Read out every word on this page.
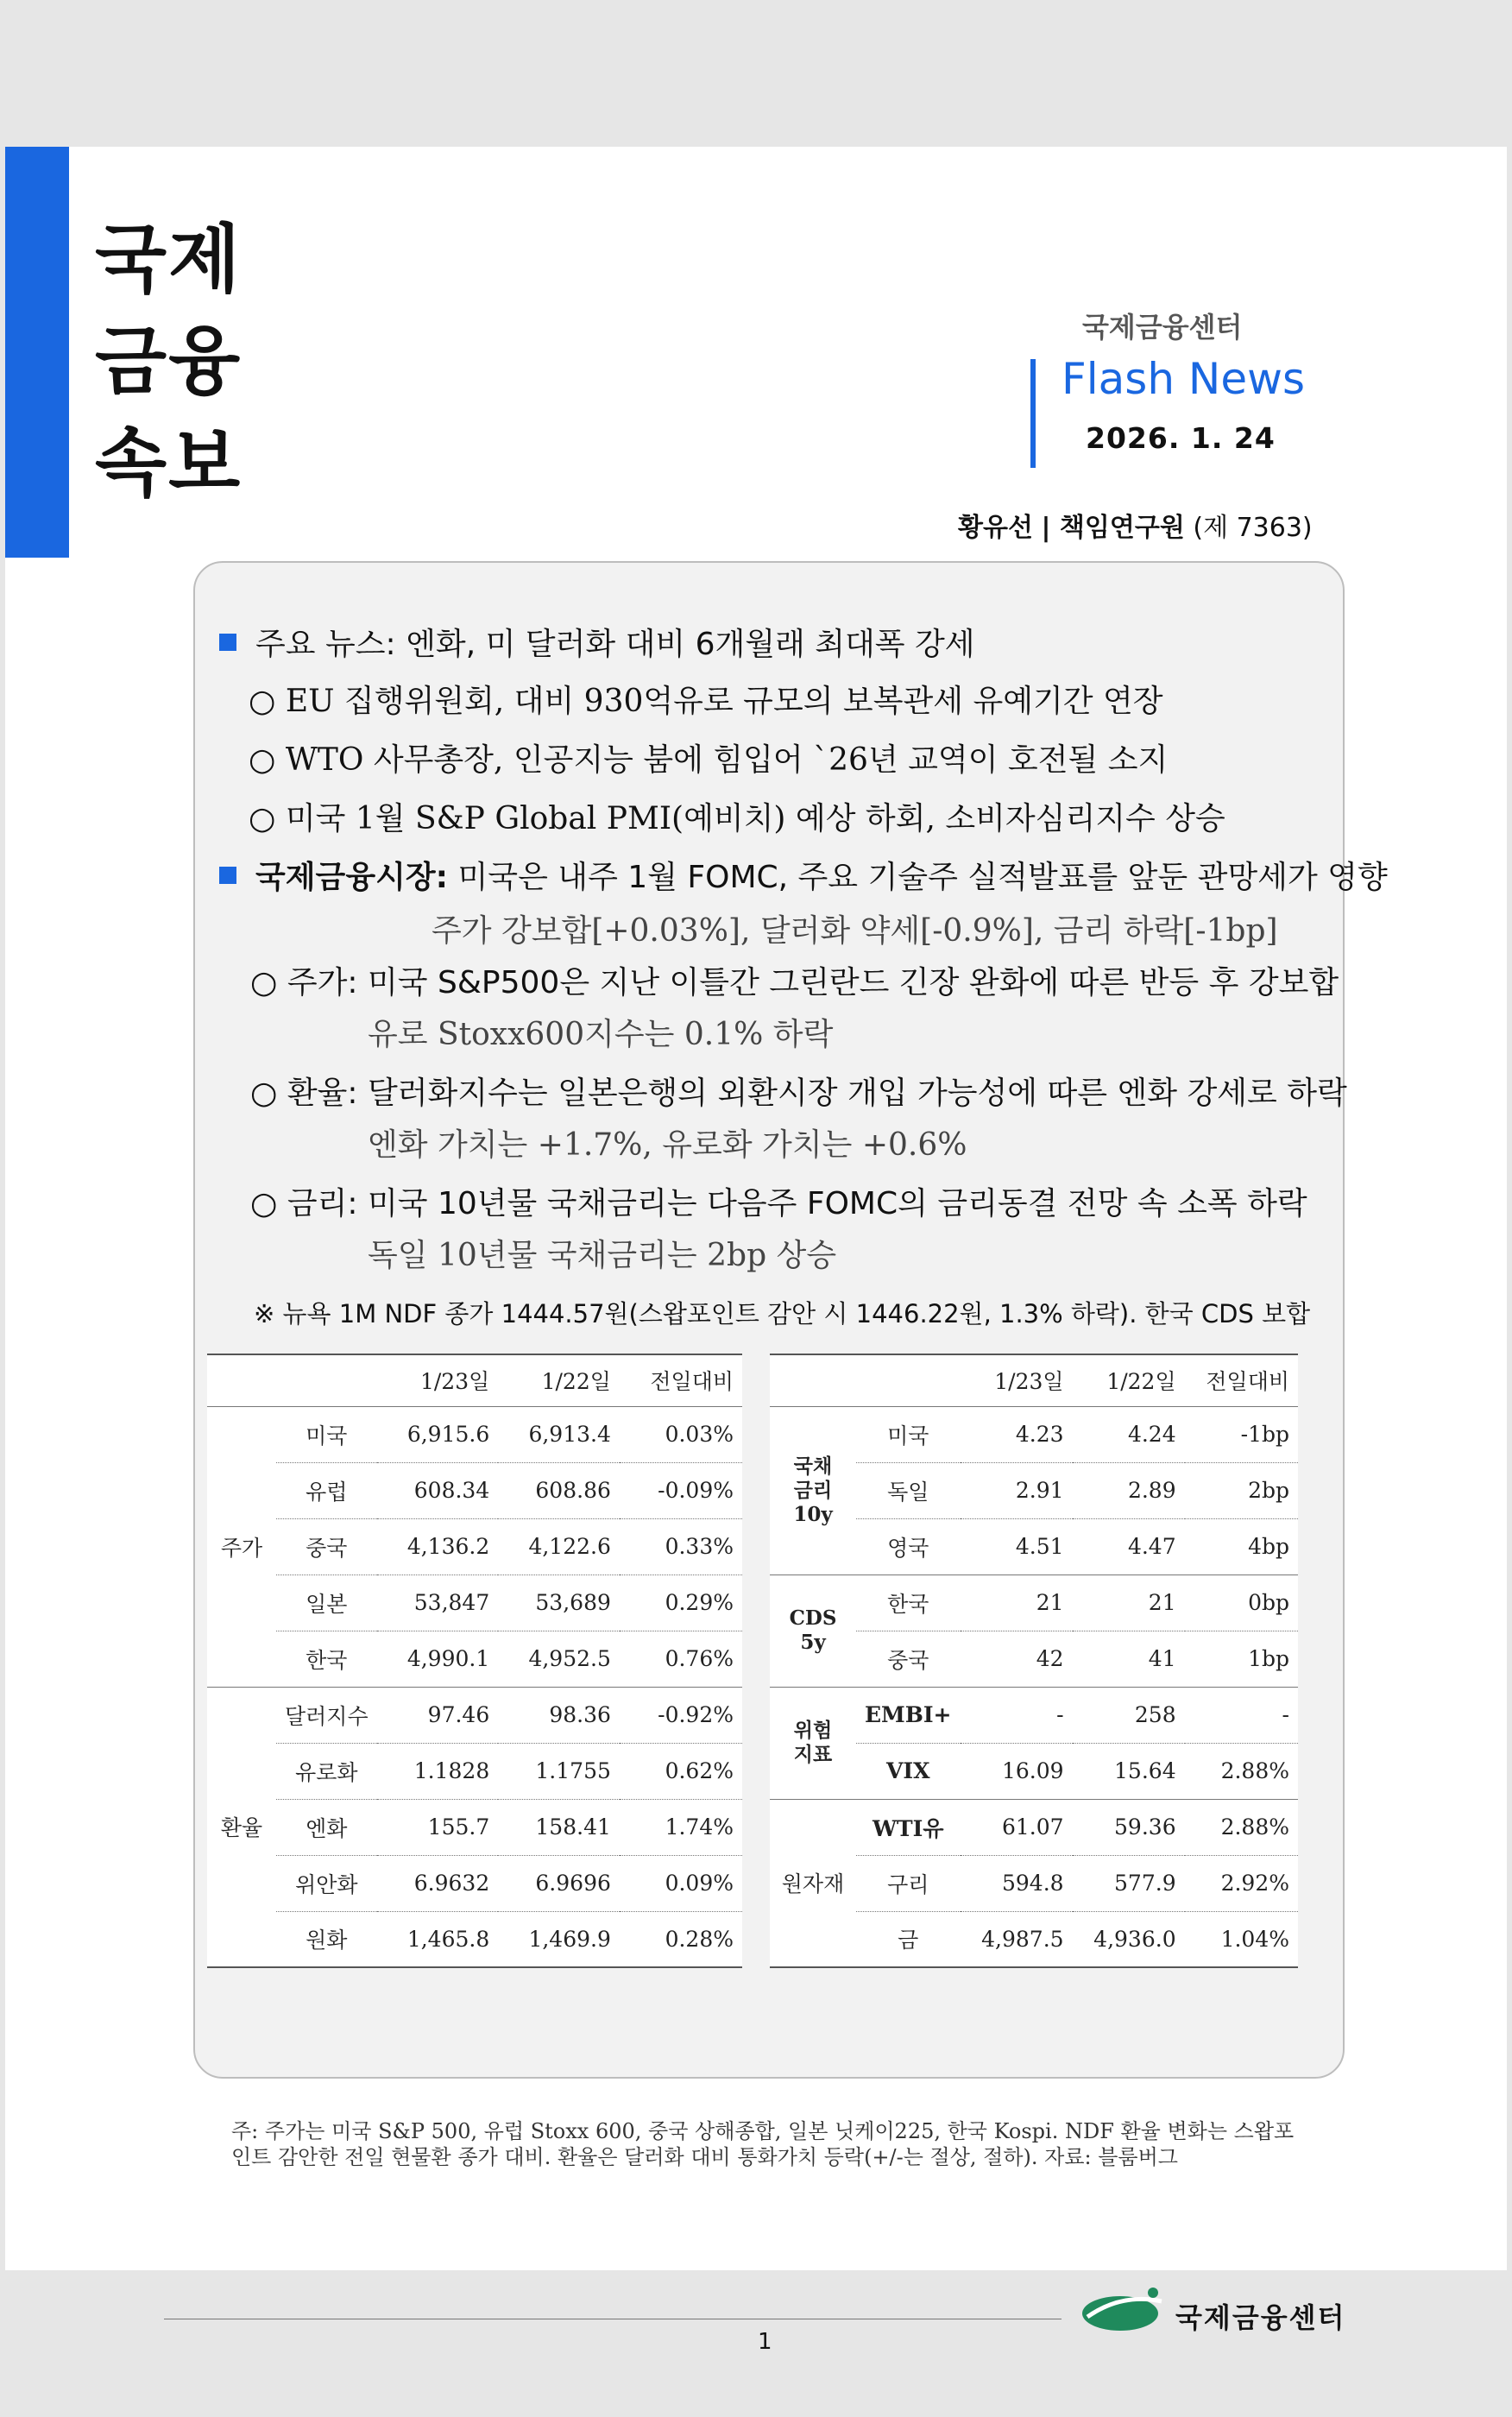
국제
금융
속보
국제금융센터
Flash News
2026. 1. 24
황유선 | 책임연구원 (제 7363)
주요 뉴스: 엔화, 미 달러화 대비 6개월래 최대폭 강세
○ EU 집행위원회, 대비 930억유로 규모의 보복관세 유예기간 연장
○ WTO 사무총장, 인공지능 붐에 힘입어 `26년 교역이 호전될 소지
○ 미국 1월 S&P Global PMI(예비치) 예상 하회, 소비자심리지수 상승
국제금융시장: 미국은 내주 1월 FOMC, 주요 기술주 실적발표를 앞둔 관망세가 영향
주가 강보합[+0.03%], 달러화 약세[-0.9%], 금리 하락[-1bp]
○ 주가: 미국 S&P500은 지난 이틀간 그린란드 긴장 완화에 따른 반등 후 강보합
유로 Stoxx600지수는 0.1% 하락
○ 환율: 달러화지수는 일본은행의 외환시장 개입 가능성에 따른 엔화 강세로 하락
엔화 가치는 +1.7%, 유로화 가치는 +0.6%
○ 금리: 미국 10년물 국채금리는 다음주 FOMC의 금리동결 전망 속 소폭 하락
독일 10년물 국채금리는 2bp 상승
※ 뉴욕 1M NDF 종가 1444.57원(스왑포인트 감안 시 1446.22원, 1.3% 하락). 한국 CDS 보합
		1/23일	1/22일	전일대비
주가	미국	6,915.6	6,913.4	0.03%
	유럽	608.34	608.86	-0.09%
	중국	4,136.2	4,122.6	0.33%
	일본	53,847	53,689	0.29%
	한국	4,990.1	4,952.5	0.76%
환율	달러지수	97.46	98.36	-0.92%
	유로화	1.1828	1.1755	0.62%
	엔화	155.7	158.41	1.74%
	위안화	6.9632	6.9696	0.09%
	원화	1,465.8	1,469.9	0.28%
		1/23일	1/22일	전일대비
국채
금리
10y	미국	4.23	4.24	-1bp
	독일	2.91	2.89	2bp
	영국	4.51	4.47	4bp
CDS
5y	한국	21	21	0bp
	중국	42	41	1bp
위험
지표	EMBI+	-	258	-
	VIX	16.09	15.64	2.88%
원자재	WTI유	61.07	59.36	2.88%
	구리	594.8	577.9	2.92%
	금	4,987.5	4,936.0	1.04%
주: 주가는 미국 S&P 500, 유럽 Stoxx 600, 중국 상해종합, 일본 닛케이225, 한국 Kospi. NDF 환율 변화는 스왑포인트 감안한 전일 현물환 종가 대비. 환율은 달러화 대비 통화가치 등락(+/-는 절상, 절하). 자료: 블룸버그
1
국제금융센터
